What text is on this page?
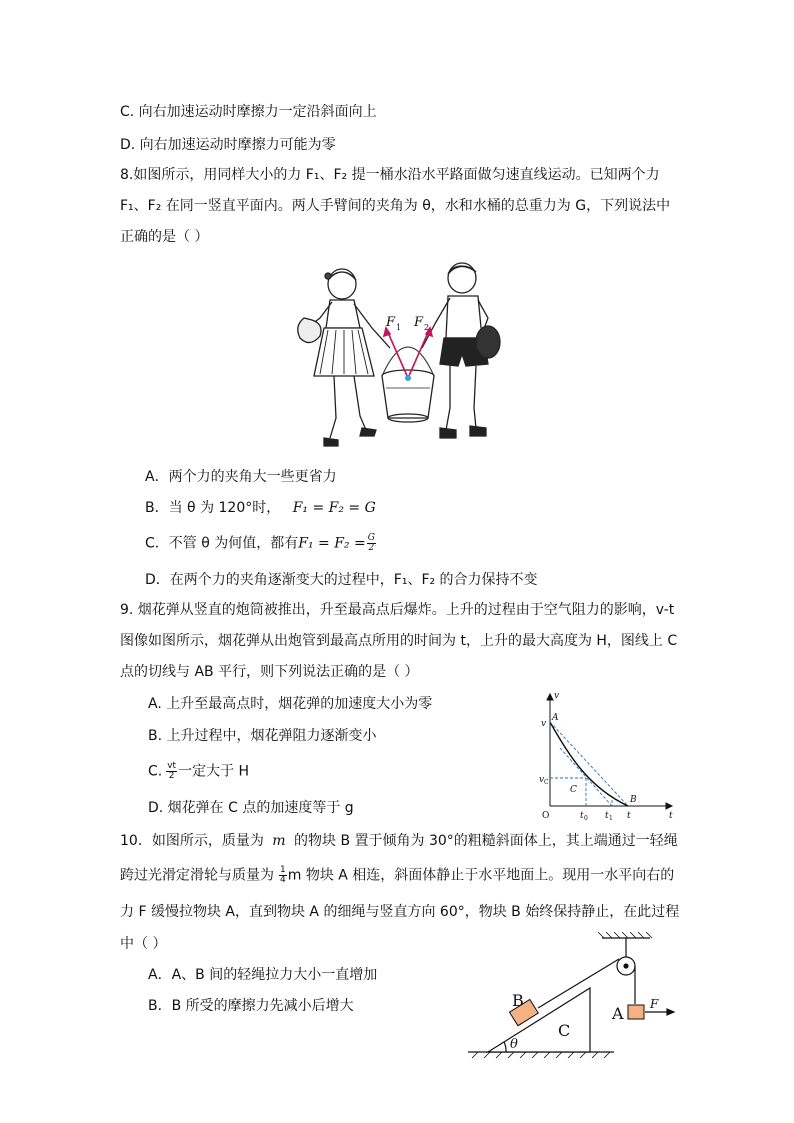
C. 向右加速运动时摩擦力一定沿斜面向上
D. 向右加速运动时摩擦力可能为零
8.如图所示，用同样大小的力 F₁、F₂ 提一桶水沿水平路面做匀速直线运动。已知两个力
F₁、F₂ 在同一竖直平面内。两人手臂间的夹角为 θ，水和水桶的总重力为 G，下列说法中
正确的是（ ）
F 1 F 2
A．两个力的夹角大一些更省力
B．当 θ 为 120°时， F₁ = F₂ = G
C．不管 θ 为何值，都有$F_1 = F_2 = \frac{G}{2}$
D．在两个力的夹角逐渐变大的过程中，F₁、F₂ 的合力保持不变
9. 烟花弹从竖直的炮筒被推出，升至最高点后爆炸。上升的过程由于空气阻力的影响，v-t
图像如图所示，烟花弹从出炮管到最高点所用的时间为 t，上升的最大高度为 H，图线上 C
点的切线与 AB 平行，则下列说法正确的是（ ）
A. 上升至最高点时，烟花弹的加速度大小为零
B. 上升过程中，烟花弹阻力逐渐变小
C. $\frac{vt}{2}$ 一定大于 H
D. 烟花弹在 C 点的加速度等于 g
v
t
O
v
A
v C
C
t 0 t 1 t
B
10．如图所示，质量为 m 的物块 B 置于倾角为 30°的粗糙斜面体上，其上端通过一轻绳
跨过光滑定滑轮与质量为 $\frac{1}{4}$ m 物块 A 相连，斜面体静止于水平地面上。现用一水平向右的
力 F 缓慢拉物块 A，直到物块 A 的细绳与竖直方向 60°，物块 B 始终保持静止，在此过程
中（ ）
A．A、B 间的轻绳拉力大小一直增加
B．B 所受的摩擦力先减小后增大	B
C
A F
θ
